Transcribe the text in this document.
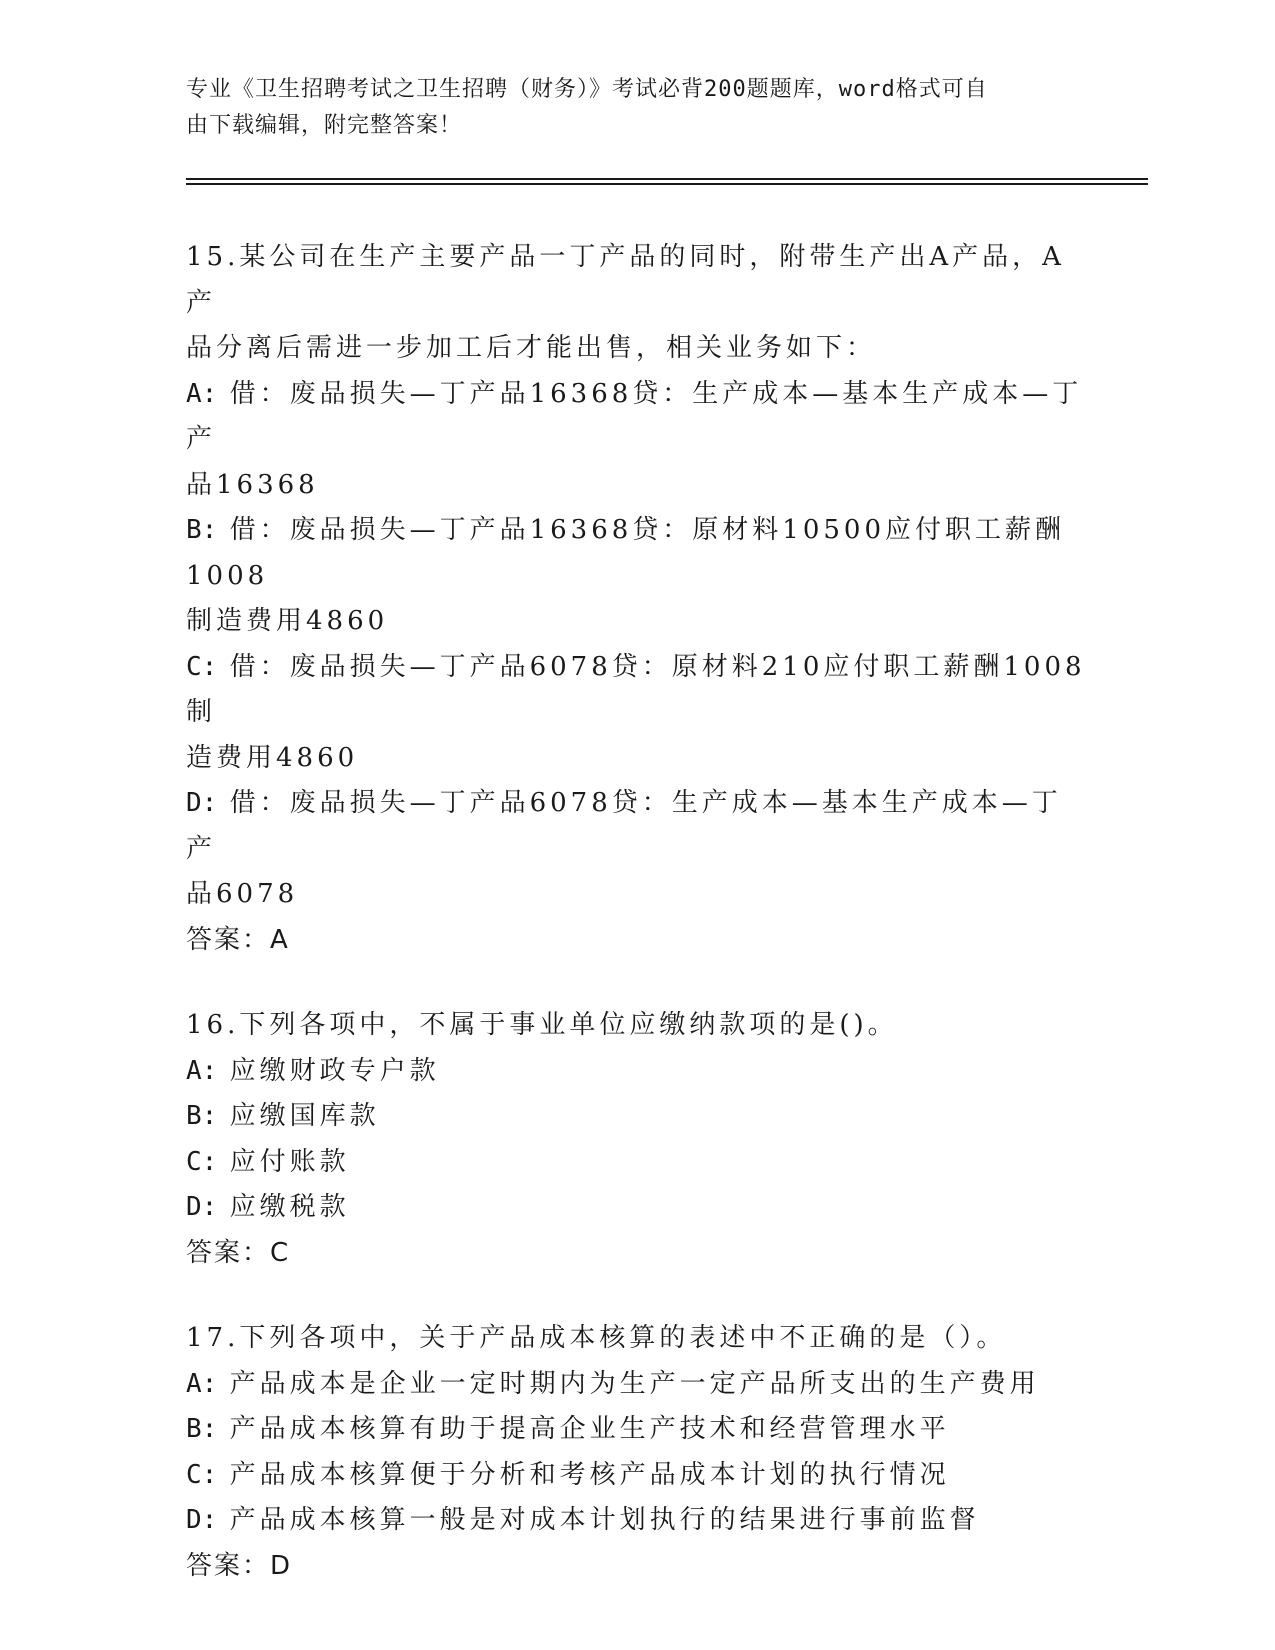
专业《卫生招聘考试之卫生招聘（财务）》考试必背200题题库，word格式可自
由下载编辑，附完整答案！
15.某公司在生产主要产品一丁产品的同时，附带生产出A产品，A产
品分离后需进一步加工后才能出售，相关业务如下：
A: 借：废品损失—丁产品16368贷：生产成本—基本生产成本—丁产
品16368
B: 借：废品损失—丁产品16368贷：原材料10500应付职工薪酬1008
制造费用4860
C: 借：废品损失—丁产品6078贷：原材料210应付职工薪酬1008制
造费用4860
D: 借：废品损失—丁产品6078贷：生产成本—基本生产成本—丁产
品6078
答案：A
16.下列各项中，不属于事业单位应缴纳款项的是()。
A: 应缴财政专户款
B: 应缴国库款
C: 应付账款
D: 应缴税款
答案：C
17.下列各项中，关于产品成本核算的表述中不正确的是（）。
A: 产品成本是企业一定时期内为生产一定产品所支出的生产费用
B: 产品成本核算有助于提高企业生产技术和经营管理水平
C: 产品成本核算便于分析和考核产品成本计划的执行情况
D: 产品成本核算一般是对成本计划执行的结果进行事前监督
答案：D
